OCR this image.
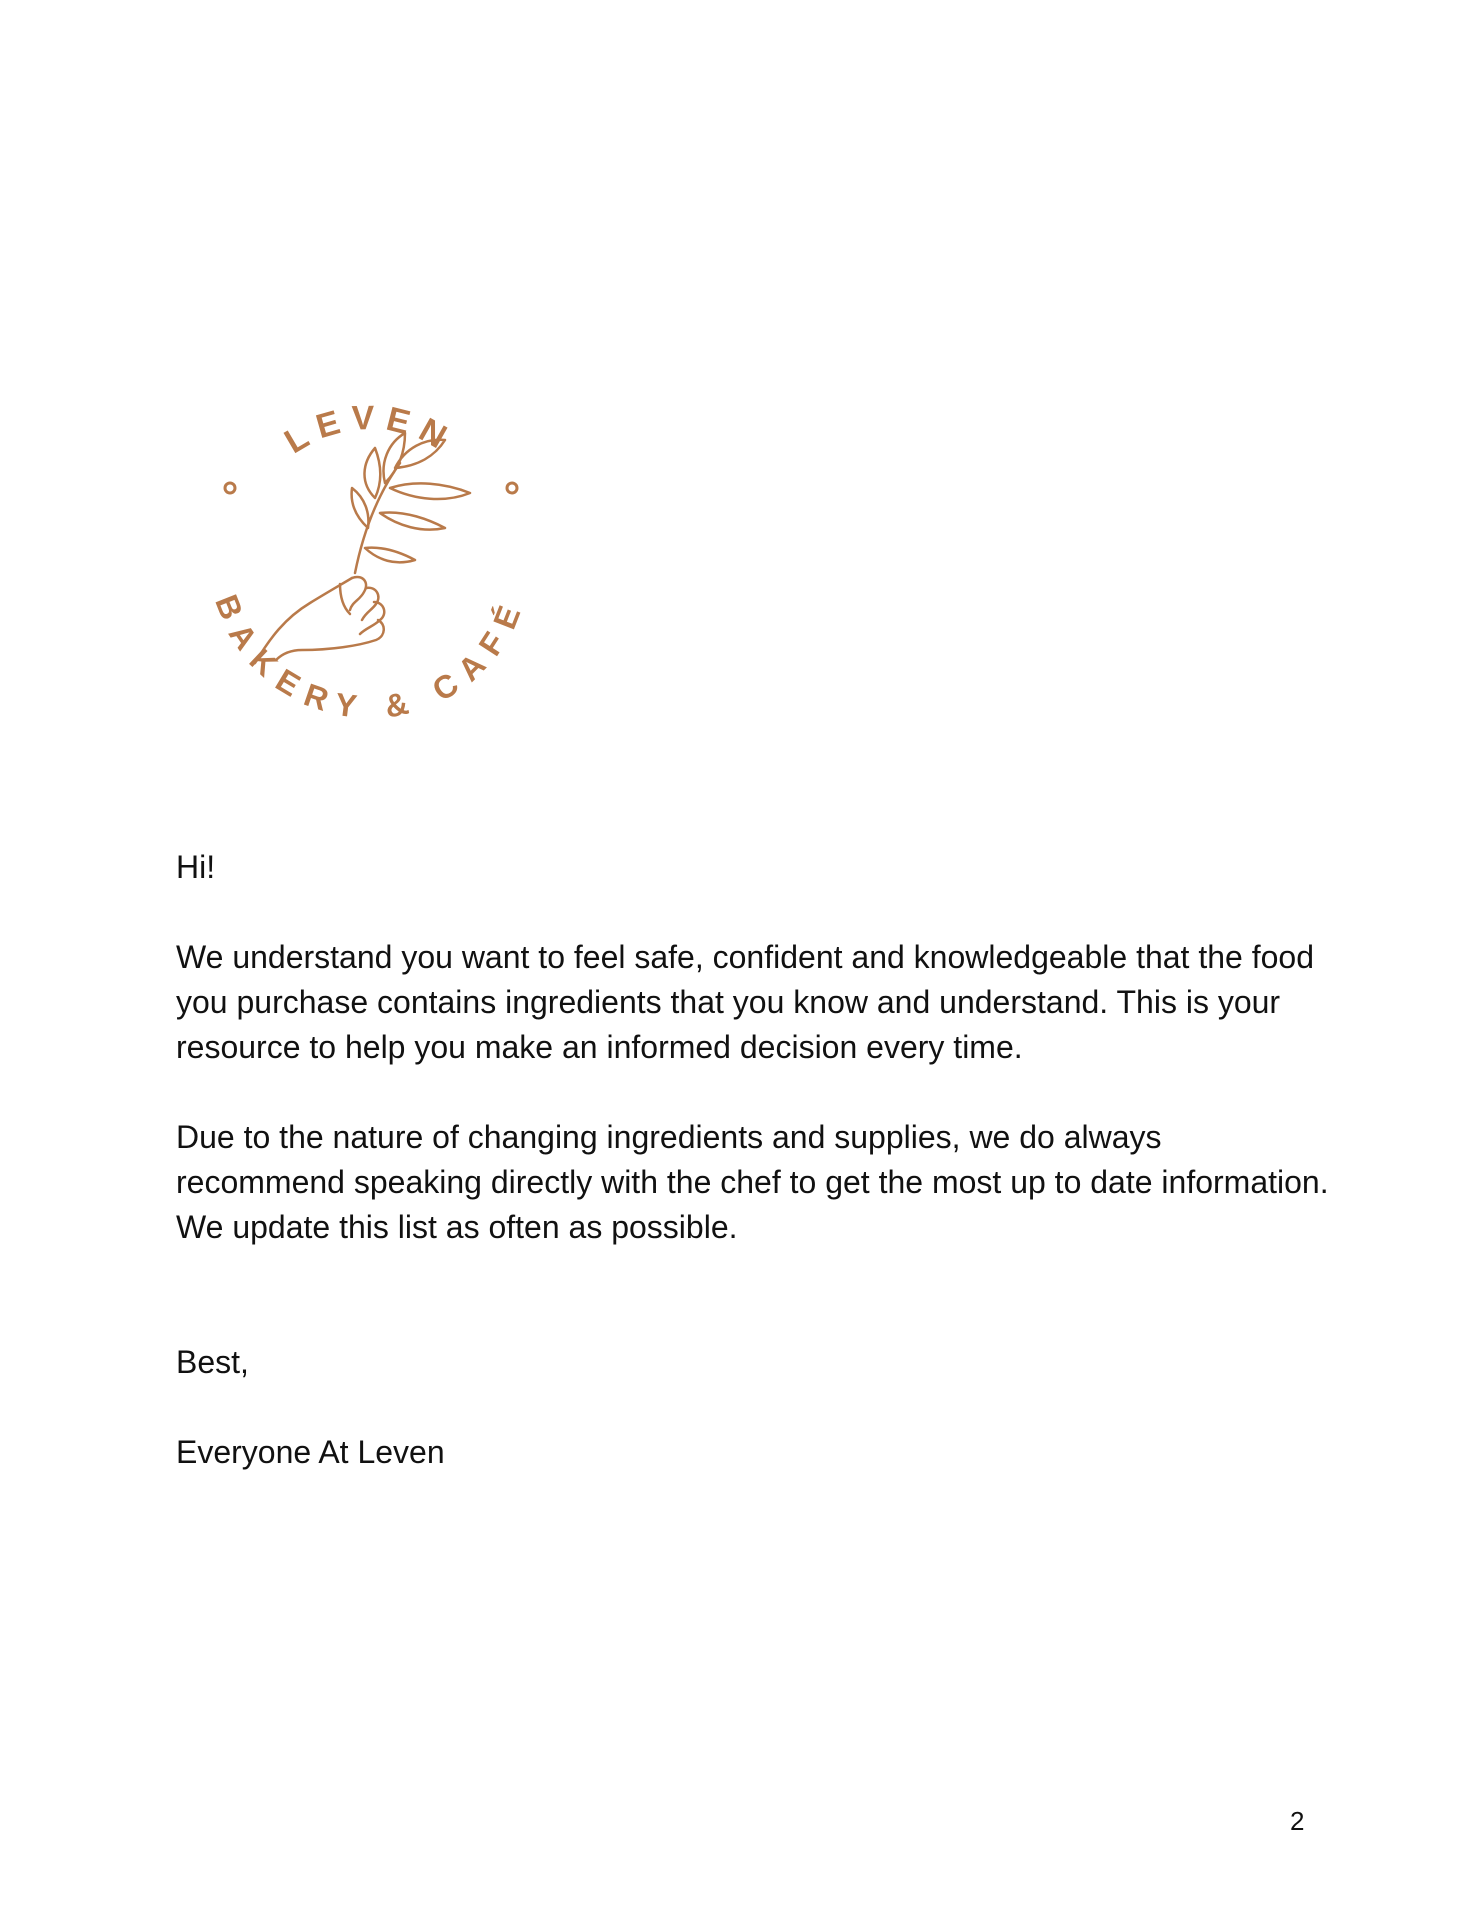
LEVEN
BAKERY & CAFÉ

Hi!

We understand you want to feel safe, confident and knowledgeable that the food you purchase contains ingredients that you know and understand. This is your resource to help you make an informed decision every time.

Due to the nature of changing ingredients and supplies, we do always recommend speaking directly with the chef to get the most up to date information. We update this list as often as possible.

Best,

Everyone At Leven

2
